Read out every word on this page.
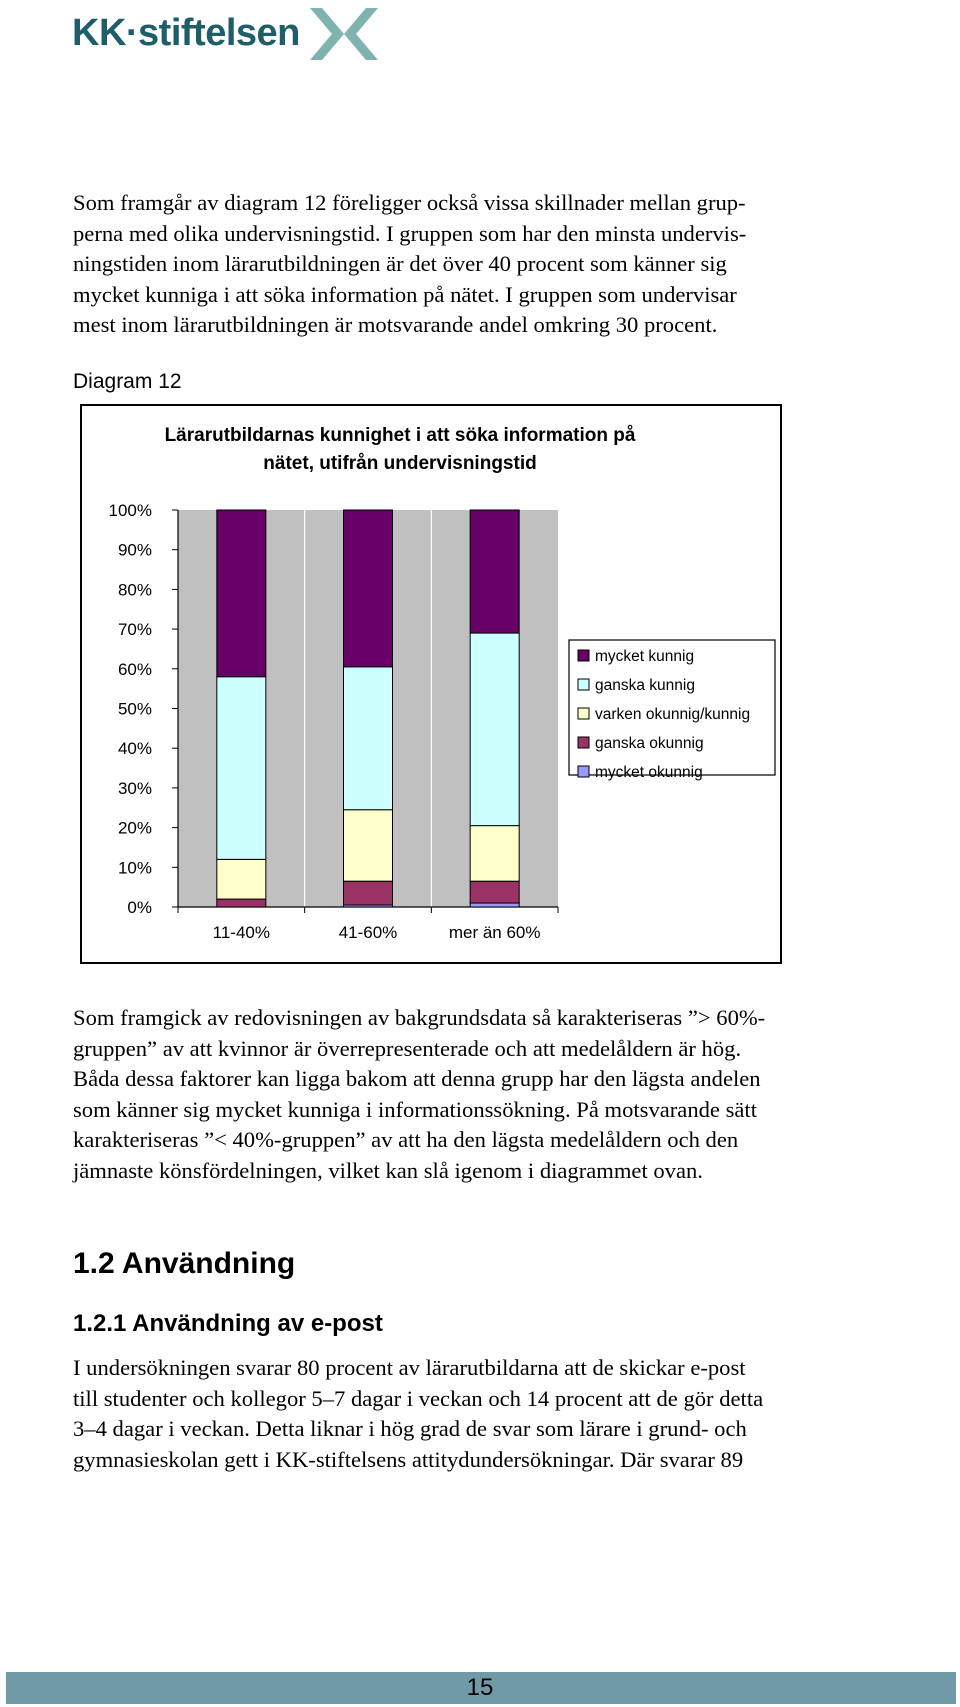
KK·stiftelsen
Som framgår av diagram 12 föreligger också vissa skillnader mellan grup-
perna med olika undervisningstid. I gruppen som har den minsta undervis-
ningstiden inom lärarutbildningen är det över 40 procent som känner sig
mycket kunniga i att söka information på nätet. I gruppen som undervisar
mest inom lärarutbildningen är motsvarande andel omkring 30 procent.
Diagram 12
Lärarutbildarnas kunnighet i att söka information på
nätet, utifrån undervisningstid
0%
10%
20%
30%
40%
50%
60%
70%
80%
90%
100%
11-40%	41-60%	mer än 60%
mycket kunnig
ganska kunnig
varken okunnig/kunnig
ganska okunnig
mycket okunnig
Som framgick av redovisningen av bakgrundsdata så karakteriseras ”> 60%-
gruppen” av att kvinnor är överrepresenterade och att medelåldern är hög.
Båda dessa faktorer kan ligga bakom att denna grupp har den lägsta andelen
som känner sig mycket kunniga i informationssökning. På motsvarande sätt
karakteriseras ”< 40%-gruppen” av att ha den lägsta medelåldern och den
jämnaste könsfördelningen, vilket kan slå igenom i diagrammet ovan.
1.2 Användning
1.2.1 Användning av e-post
I undersökningen svarar 80 procent av lärarutbildarna att de skickar e-post
till studenter och kollegor 5–7 dagar i veckan och 14 procent att de gör detta
3–4 dagar i veckan. Detta liknar i hög grad de svar som lärare i grund- och
gymnasieskolan gett i KK-stiftelsens attitydundersökningar. Där svarar 89
15
